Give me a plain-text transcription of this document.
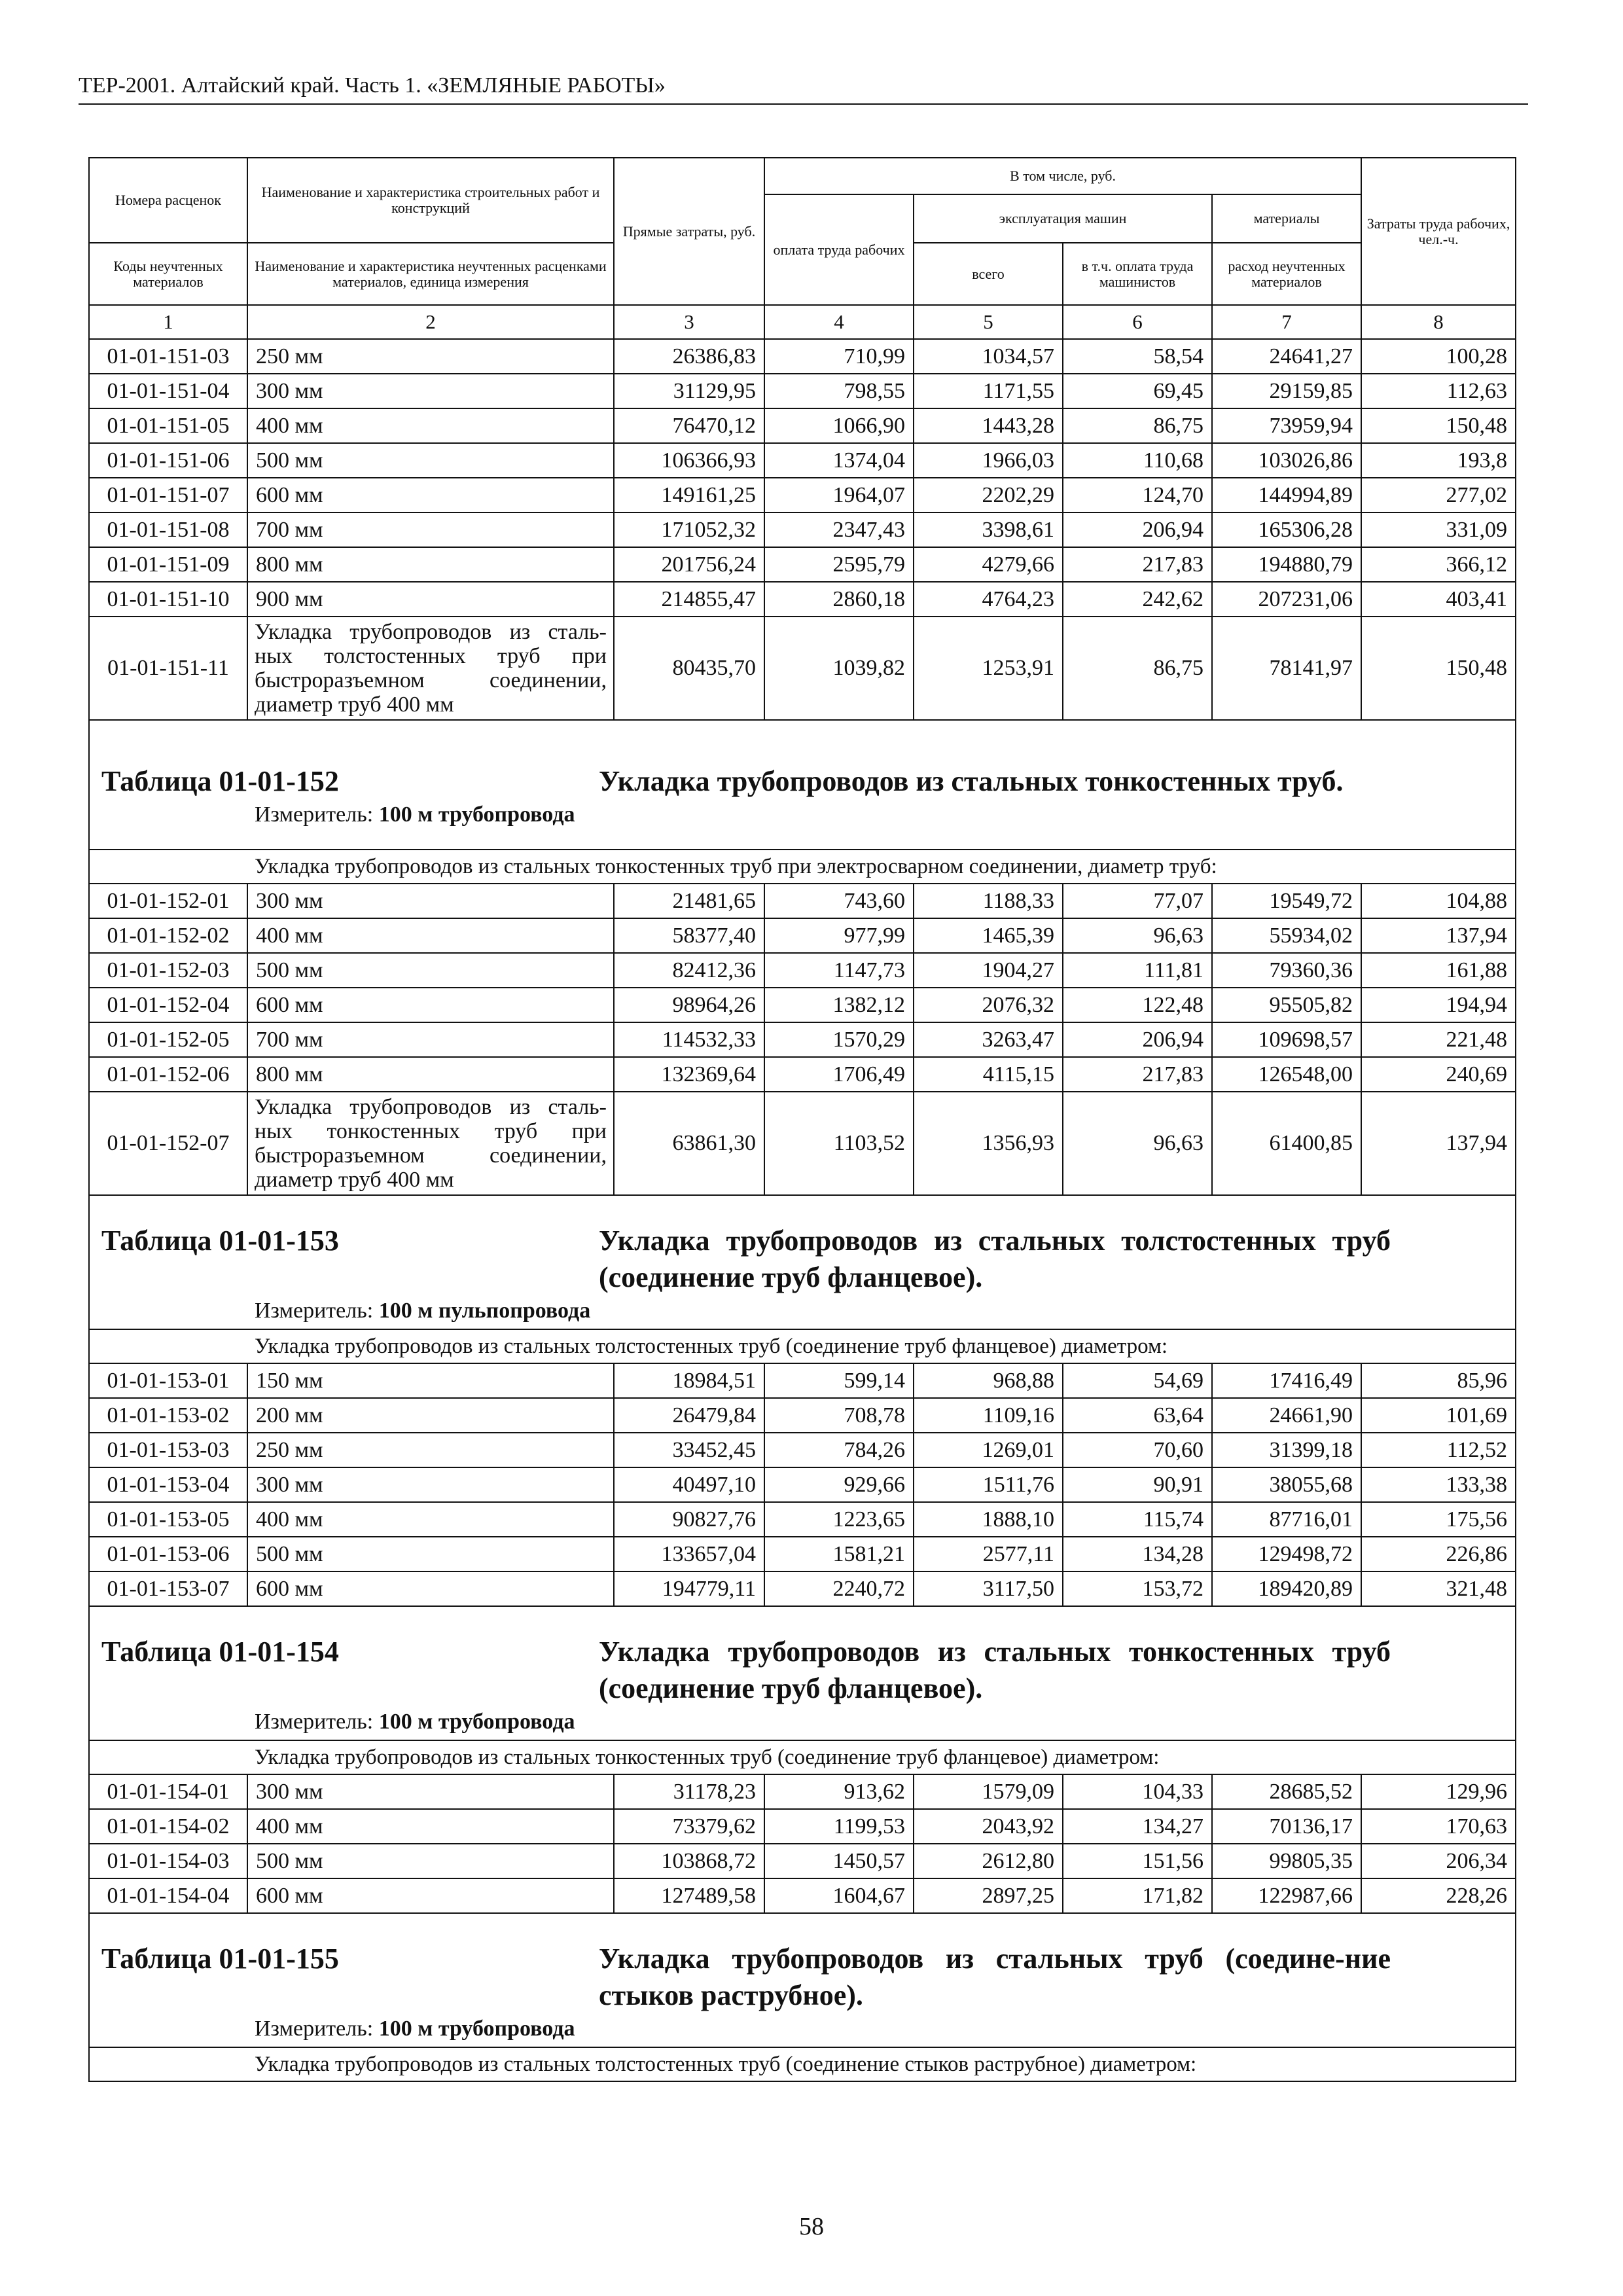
ТЕР-2001. Алтайский край. Часть 1. «ЗЕМЛЯНЫЕ РАБОТЫ»
Номера расценок	Наименование и характеристика строительных работ и конструкций	Прямые затраты, руб.	В том числе, руб.				Затраты труда рабочих, чел.-ч.
			оплата труда рабочих	эксплуатация машин		материалы	
Коды неучтенных материалов	Наименование и характеристика неучтенных расценками материалов, единица измерения			всего	в т.ч. оплата труда машинистов	расход неучтенных материалов	
1	2	3	4	5	6	7	8
01-01-151-03	250 мм	26386,83	710,99	1034,57	58,54	24641,27	100,28
01-01-151-04	300 мм	31129,95	798,55	1171,55	69,45	29159,85	112,63
01-01-151-05	400 мм	76470,12	1066,90	1443,28	86,75	73959,94	150,48
01-01-151-06	500 мм	106366,93	1374,04	1966,03	110,68	103026,86	193,8
01-01-151-07	600 мм	149161,25	1964,07	2202,29	124,70	144994,89	277,02
01-01-151-08	700 мм	171052,32	2347,43	3398,61	206,94	165306,28	331,09
01-01-151-09	800 мм	201756,24	2595,79	4279,66	217,83	194880,79	366,12
01-01-151-10	900 мм	214855,47	2860,18	4764,23	242,62	207231,06	403,41
01-01-151-11	Укладка трубопроводов из сталь-ных толстостенных труб при быстроразъемном соединении, диаметр труб 400 мм	80435,70	1039,82	1253,91	86,75	78141,97	150,48

Таблица 01-01-152 Укладка трубопроводов из стальных тонкостенных труб.
Измеритель: 100 м трубопровода							

Укладка трубопроводов из стальных тонкостенных труб при электросварном соединении, диаметр труб:							
01-01-152-01	300 мм	21481,65	743,60	1188,33	77,07	19549,72	104,88
01-01-152-02	400 мм	58377,40	977,99	1465,39	96,63	55934,02	137,94
01-01-152-03	500 мм	82412,36	1147,73	1904,27	111,81	79360,36	161,88
01-01-152-04	600 мм	98964,26	1382,12	2076,32	122,48	95505,82	194,94
01-01-152-05	700 мм	114532,33	1570,29	3263,47	206,94	109698,57	221,48
01-01-152-06	800 мм	132369,64	1706,49	4115,15	217,83	126548,00	240,69
01-01-152-07	Укладка трубопроводов из сталь-ных тонкостенных труб при быстроразъемном соединении, диаметр труб 400 мм	63861,30	1103,52	1356,93	96,63	61400,85	137,94

Таблица 01-01-153 Укладка трубопроводов из стальных толстостенных труб (соединение труб фланцевое).
Измеритель: 100 м пульпопровода							

Укладка трубопроводов из стальных толстостенных труб (соединение труб фланцевое) диаметром:							
01-01-153-01	150 мм	18984,51	599,14	968,88	54,69	17416,49	85,96
01-01-153-02	200 мм	26479,84	708,78	1109,16	63,64	24661,90	101,69
01-01-153-03	250 мм	33452,45	784,26	1269,01	70,60	31399,18	112,52
01-01-153-04	300 мм	40497,10	929,66	1511,76	90,91	38055,68	133,38
01-01-153-05	400 мм	90827,76	1223,65	1888,10	115,74	87716,01	175,56
01-01-153-06	500 мм	133657,04	1581,21	2577,11	134,28	129498,72	226,86
01-01-153-07	600 мм	194779,11	2240,72	3117,50	153,72	189420,89	321,48

Таблица 01-01-154 Укладка трубопроводов из стальных тонкостенных труб (соединение труб фланцевое).
Измеритель: 100 м трубопровода							

Укладка трубопроводов из стальных тонкостенных труб (соединение труб фланцевое) диаметром:							
01-01-154-01	300 мм	31178,23	913,62	1579,09	104,33	28685,52	129,96
01-01-154-02	400 мм	73379,62	1199,53	2043,92	134,27	70136,17	170,63
01-01-154-03	500 мм	103868,72	1450,57	2612,80	151,56	99805,35	206,34
01-01-154-04	600 мм	127489,58	1604,67	2897,25	171,82	122987,66	228,26

Таблица 01-01-155 Укладка трубопроводов из стальных труб (соедине-ние стыков раструбное).
Измеритель: 100 м трубопровода							

Укладка трубопроводов из стальных толстостенных труб (соединение стыков раструбное) диаметром:							
58
